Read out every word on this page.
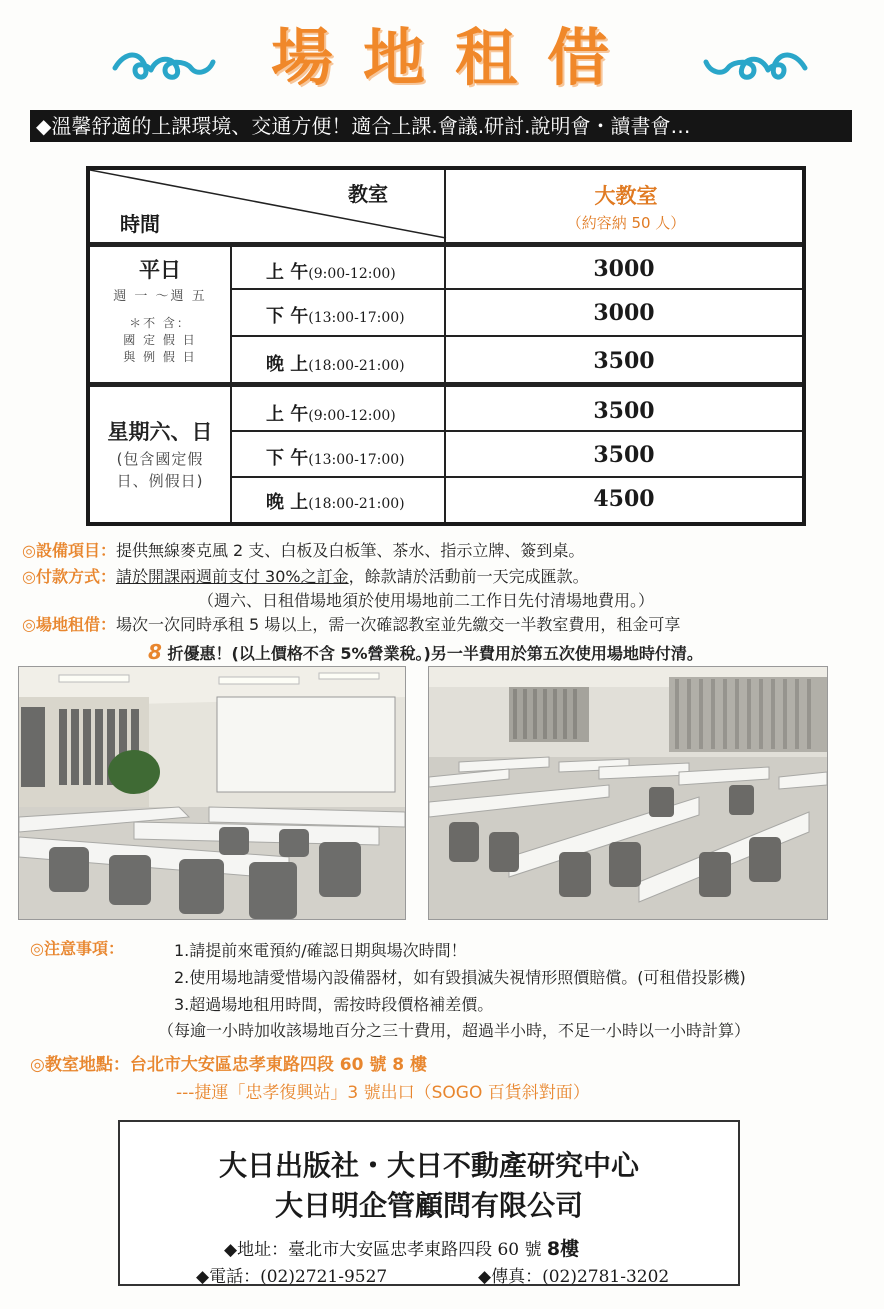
場地租借
◆溫馨舒適的上課環境、交通方便！適合上課.會議.研討.說明會・讀書會…
教室
時間
大教室
（約容納 50 人）
平日
週 一 ～週 五
＊不 含：
國 定 假 日
與 例 假 日
上 午(9:00-12:00)	3000
下 午(13:00-17:00)	3000
晚 上(18:00-21:00)	3500
星期六、日
(包含國定假
日、例假日)
上 午(9:00-12:00)	3500
下 午(13:00-17:00)	3500
晚 上(18:00-21:00)	4500
◎設備項目：提供無線麥克風 2 支、白板及白板筆、茶水、指示立牌、簽到桌。
◎付款方式：請於開課兩週前支付 30%之訂金，餘款請於活動前一天完成匯款。
（週六、日租借場地須於使用場地前二工作日先付清場地費用。）
◎場地租借：場次一次同時承租 5 場以上，需一次確認教室並先繳交一半教室費用，租金可享
8 折優惠！(以上價格不含 5%營業稅。)另一半費用於第五次使用場地時付清。
◎注意事項：	1.請提前來電預約/確認日期與場次時間！
2.使用場地請愛惜場內設備器材，如有毀損滅失視情形照價賠償。(可租借投影機)
3.超過場地租用時間，需按時段價格補差價。
（每逾一小時加收該場地百分之三十費用，超過半小時，不足一小時以一小時計算）
◎教室地點：台北市大安區忠孝東路四段 60 號 8 樓
---捷運「忠孝復興站」3 號出口（SOGO 百貨斜對面）
大日出版社・大日不動產研究中心
大日明企管顧問有限公司
◆地址：臺北市大安區忠孝東路四段 60 號 8樓
◆電話：(02)2721-9527	◆傳真：(02)2781-3202
